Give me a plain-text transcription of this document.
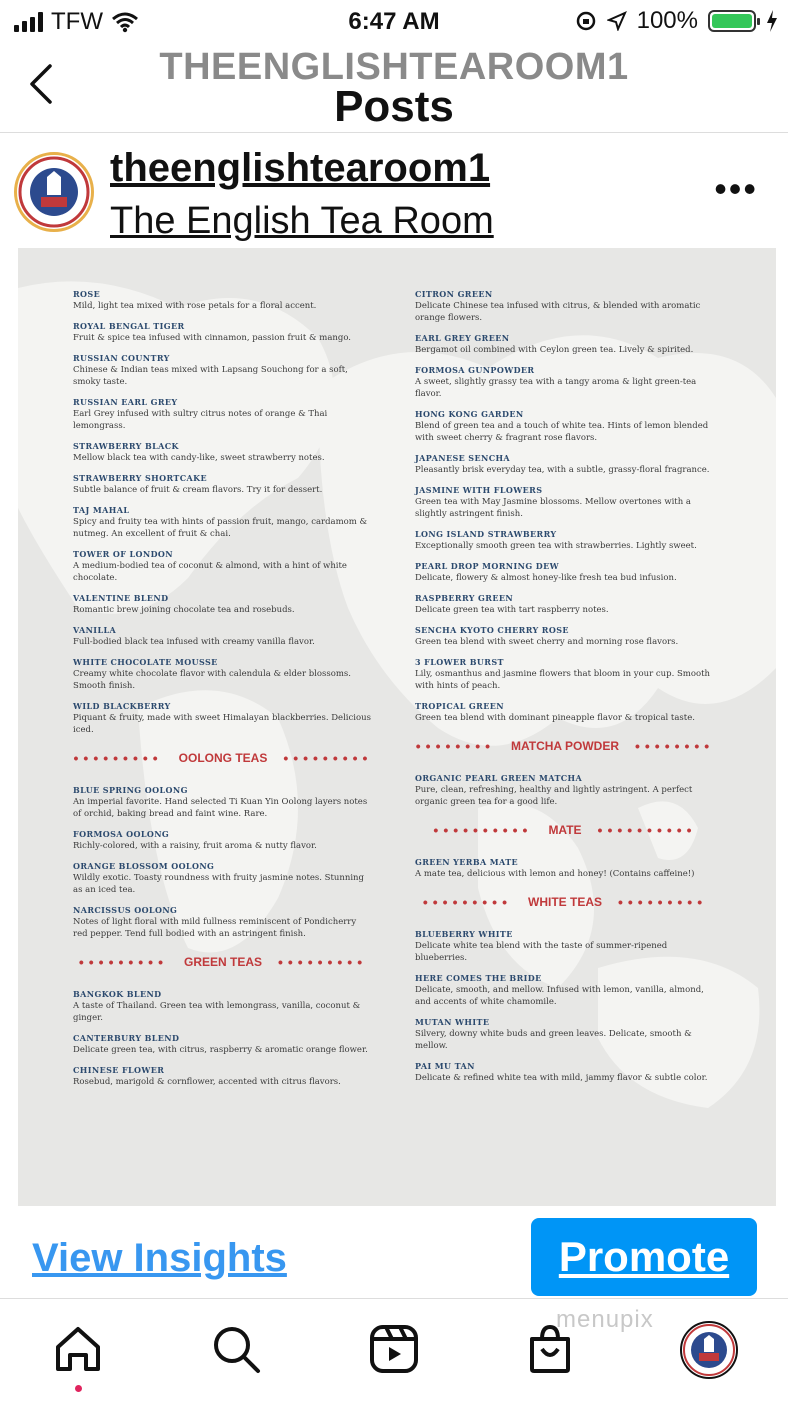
TFW	6:47 AM	100%
THEENGLISHTEAROOM1
Posts
theenglishtearoom1
The English Tea Room
•••
ROSE
Mild, light tea mixed with rose petals for a floral accent.
ROYAL BENGAL TIGER
Fruit & spice tea infused with cinnamon, passion fruit & mango.
RUSSIAN COUNTRY
Chinese & Indian teas mixed with Lapsang Souchong for a soft, smoky taste.
RUSSIAN EARL GREY
Earl Grey infused with sultry citrus notes of orange & Thai lemongrass.
STRAWBERRY BLACK
Mellow black tea with candy-like, sweet strawberry notes.
STRAWBERRY SHORTCAKE
Subtle balance of fruit & cream flavors. Try it for dessert.
TAJ MAHAL
Spicy and fruity tea with hints of passion fruit, mango, cardamom & nutmeg. An excellent of fruit & chai.
TOWER OF LONDON
A medium-bodied tea of coconut & almond, with a hint of white chocolate.
VALENTINE BLEND
Romantic brew joining chocolate tea and rosebuds.
VANILLA
Full-bodied black tea infused with creamy vanilla flavor.
WHITE CHOCOLATE MOUSSE
Creamy white chocolate flavor with calendula & elder blossoms. Smooth finish.
WILD BLACKBERRY
Piquant & fruity, made with sweet Himalayan blackberries. Delicious iced.
••••••••• OOLONG TEAS •••••••••
BLUE SPRING OOLONG
An imperial favorite. Hand selected Ti Kuan Yin Oolong layers notes of orchid, baking bread and faint wine. Rare.
FORMOSA OOLONG
Richly-colored, with a raisiny, fruit aroma & nutty flavor.
ORANGE BLOSSOM OOLONG
Wildly exotic. Toasty roundness with fruity jasmine notes. Stunning as an iced tea.
NARCISSUS OOLONG
Notes of light floral with mild fullness reminiscent of Pondicherry red pepper. Tend full bodied with an astringent finish.
••••••••• GREEN TEAS •••••••••
BANGKOK BLEND
A taste of Thailand. Green tea with lemongrass, vanilla, coconut & ginger.
CANTERBURY BLEND
Delicate green tea, with citrus, raspberry & aromatic orange flower.
CHINESE FLOWER
Rosebud, marigold & cornflower, accented with citrus flavors.
CITRON GREEN
Delicate Chinese tea infused with citrus, & blended with aromatic orange flowers.
EARL GREY GREEN
Bergamot oil combined with Ceylon green tea. Lively & spirited.
FORMOSA GUNPOWDER
A sweet, slightly grassy tea with a tangy aroma & light green-tea flavor.
HONG KONG GARDEN
Blend of green tea and a touch of white tea. Hints of lemon blended with sweet cherry & fragrant rose flavors.
JAPANESE SENCHA
Pleasantly brisk everyday tea, with a subtle, grassy-floral fragrance.
JASMINE WITH FLOWERS
Green tea with May Jasmine blossoms. Mellow overtones with a slightly astringent finish.
LONG ISLAND STRAWBERRY
Exceptionally smooth green tea with strawberries. Lightly sweet.
PEARL DROP MORNING DEW
Delicate, flowery & almost honey-like fresh tea bud infusion.
RASPBERRY GREEN
Delicate green tea with tart raspberry notes.
SENCHA KYOTO CHERRY ROSE
Green tea blend with sweet cherry and morning rose flavors.
3 FLOWER BURST
Lily, osmanthus and jasmine flowers that bloom in your cup. Smooth with hints of peach.
TROPICAL GREEN
Green tea blend with dominant pineapple flavor & tropical taste.
•••••••• MATCHA POWDER ••••••••
ORGANIC PEARL GREEN MATCHA
Pure, clean, refreshing, healthy and lightly astringent. A perfect organic green tea for a good life.
•••••••••• MATE ••••••••••
GREEN YERBA MATE
A mate tea, delicious with lemon and honey! (Contains caffeine!)
••••••••• WHITE TEAS •••••••••
BLUEBERRY WHITE
Delicate white tea blend with the taste of summer-ripened blueberries.
HERE COMES THE BRIDE
Delicate, smooth, and mellow. Infused with lemon, vanilla, almond, and accents of white chamomile.
MUTAN WHITE
Silvery, downy white buds and green leaves. Delicate, smooth & mellow.
PAI MU TAN
Delicate & refined white tea with mild, jammy flavor & subtle color.
View Insights	Promote
menupix
